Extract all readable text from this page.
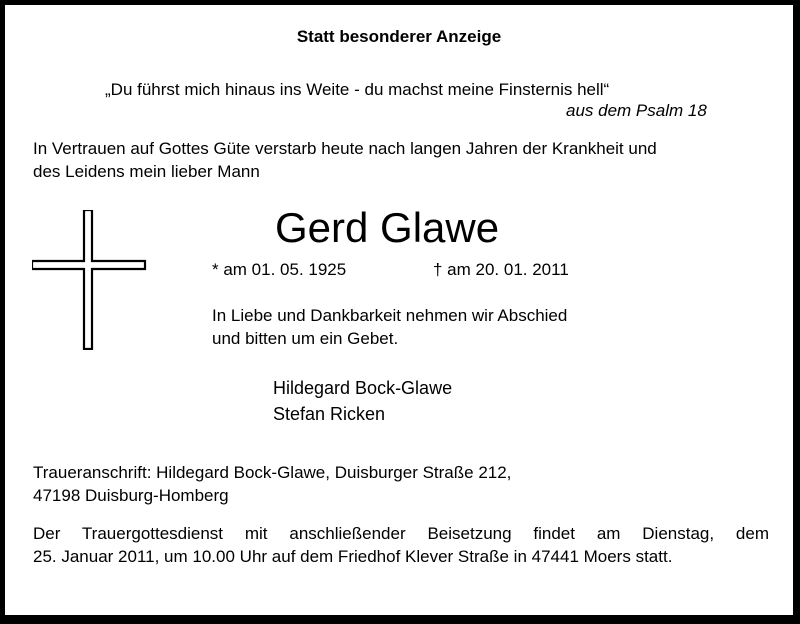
Statt besonderer Anzeige
„Du führst mich hinaus ins Weite - du machst meine Finsternis hell“
aus dem Psalm 18
In Vertrauen auf Gottes Güte verstarb heute nach langen Jahren der Krankheit und
des Leidens mein lieber Mann
Gerd Glawe
* am 01. 05. 1925	† am 20. 01. 2011
In Liebe und Dankbarkeit nehmen wir Abschied
und bitten um ein Gebet.
Hildegard Bock-Glawe
Stefan Ricken
Traueranschrift: Hildegard Bock-Glawe, Duisburger Straße 212,
47198 Duisburg-Homberg
Der Trauergottesdienst mit anschließender Beisetzung findet am Dienstag, dem
25. Januar 2011, um 10.00 Uhr auf dem Friedhof Klever Straße in 47441 Moers statt.
